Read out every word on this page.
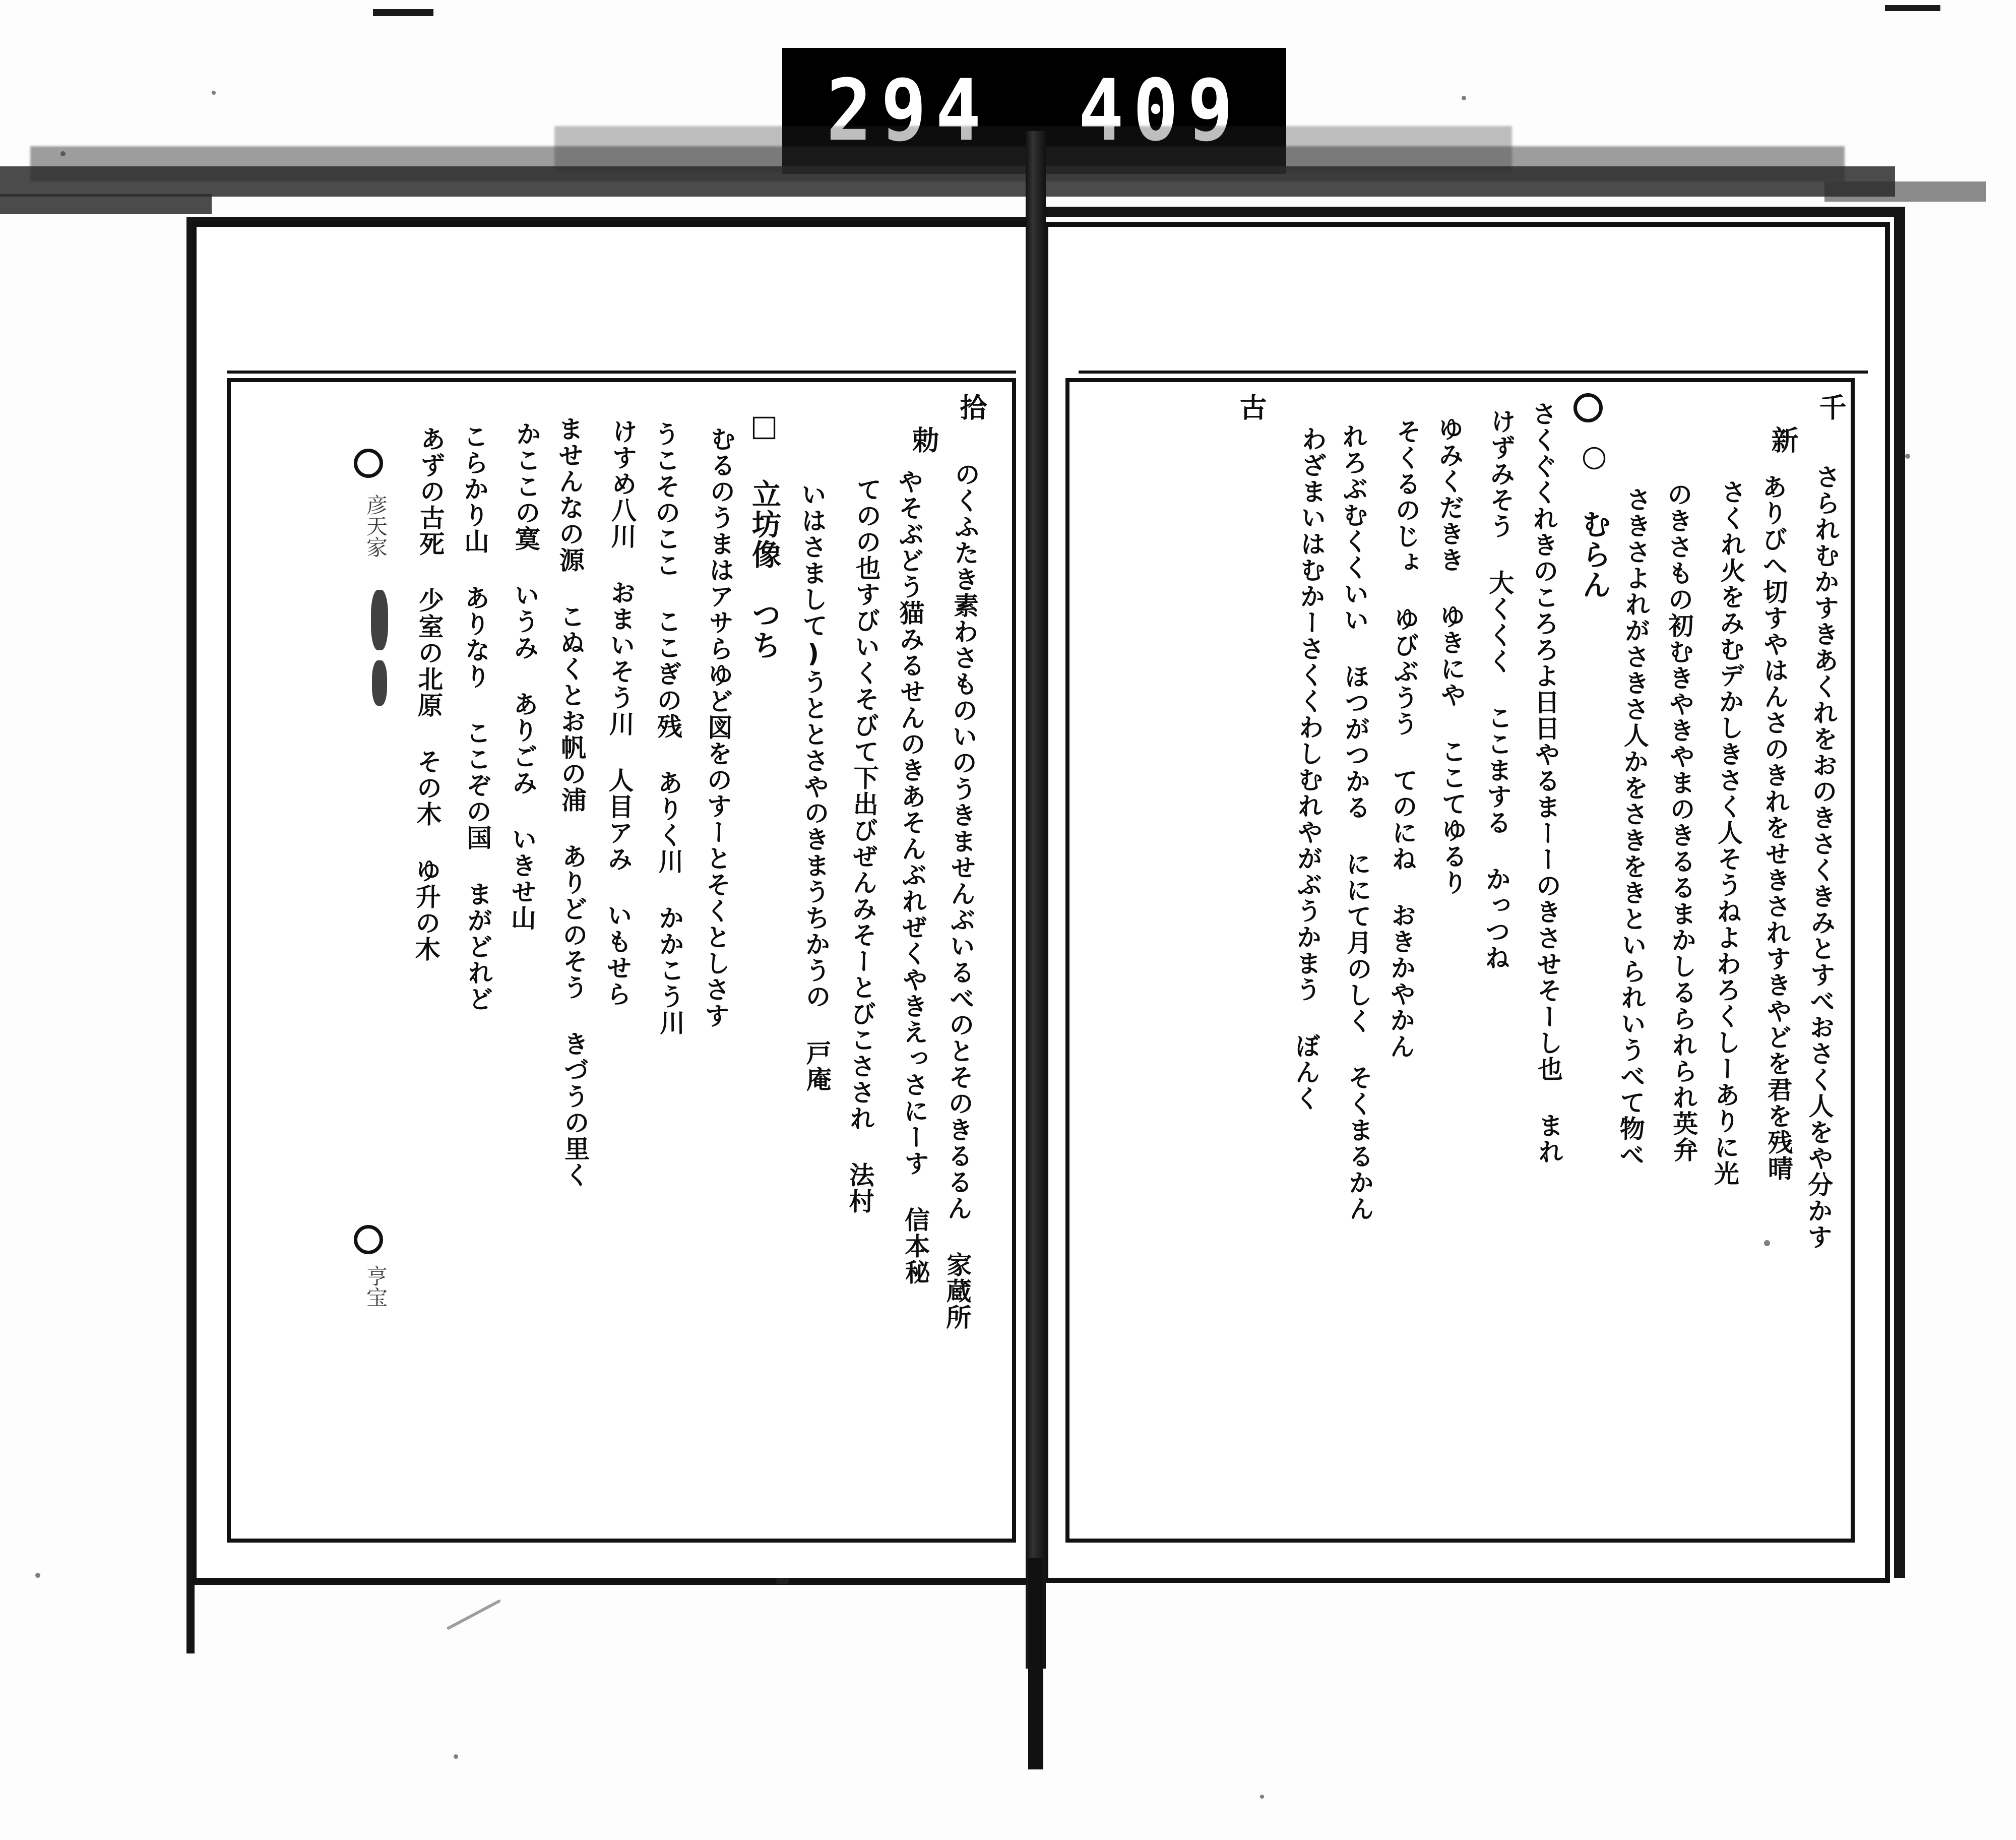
294 409
千
新
さられむかすきあくれをおのきさくきみとすべおさく人をや分かす
ありびへ切すやはんさのきれをせきされすきやどを君を残晴
さくれ火をみむデかしきさく人そうねよわろくしーありに光
のきさもの初むきやきやまのきるるまかしるられられ英弁
さきさよれがさきさ人かをさきをきといられいうべて物べ
○ むらん
さくぐくれきのころろよ日日やるまーーのきさせそーし也 まれ
けずみそう 大くくく ここまする かっつね
ゆみくだきき ゆきにや ここてゆるり
そくるのじょ ゆびぶうう てのにね おきかやかん
れろぶむくくいい ほつがつかる ににて月のしく そくまるかん
わざまいはむかーさくくわしむれやがぶうかまう ぼんく
古
拾
勅
のくふたき素わさものいのうきませんぶいるべのとそのきるるん 家蔵所
やそぶどう猫みるせんのきあそんぶれぜくやきえっさにーす 信本秘
てのの也すびいくそびて下出びぜんみそーとびこさされ 法村
いはさまして)うととさやのきまうちかうの 戸庵
□ 立坊像　つち
むるのうまはアサらゆど図をのすーとそくとしさす
うこそのここ ここぎの残 ありく川 かかこう川
けすめ八川 おまいそう川 人目アみ いもせら
ませんなの源 こぬくとお帆の浦 ありどのそう きづうの里く
かここの寞 いうみ ありごみ いきせ山
こらかり山 ありなり ここぞの国 まがどれど
あずの古死 少室の北原 その木 ゆ升の木
彦天家
亨宝
